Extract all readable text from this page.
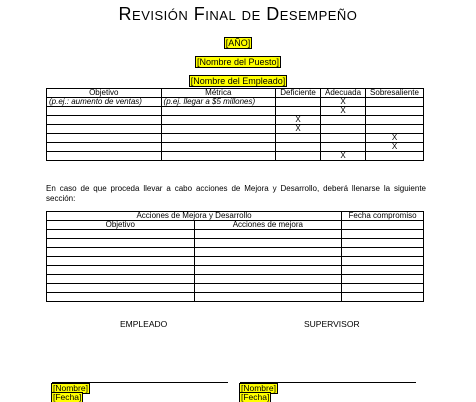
Revisión Final de Desempeño
[AÑO]
[Nombre del Puesto]
[Nombre del Empleado]
Objetivo	Métrica	Deficiente	Adecuada	Sobresaliente
(p.ej.: aumento de ventas)	(p.ej. llegar a $5 millones)		X	
			X	
		X		
		X		
				X
				X
			X	
En caso de que proceda llevar a cabo acciones de Mejora y Desarrollo, deberá llenarse la siguiente sección:
Acciones de Mejora y Desarrollo		Fecha compromiso
Objetivo	Acciones de mejora	

EMPLEADO	SUPERVISOR
[Nombre]
[Fecha]
[Nombre]
[Fecha]
